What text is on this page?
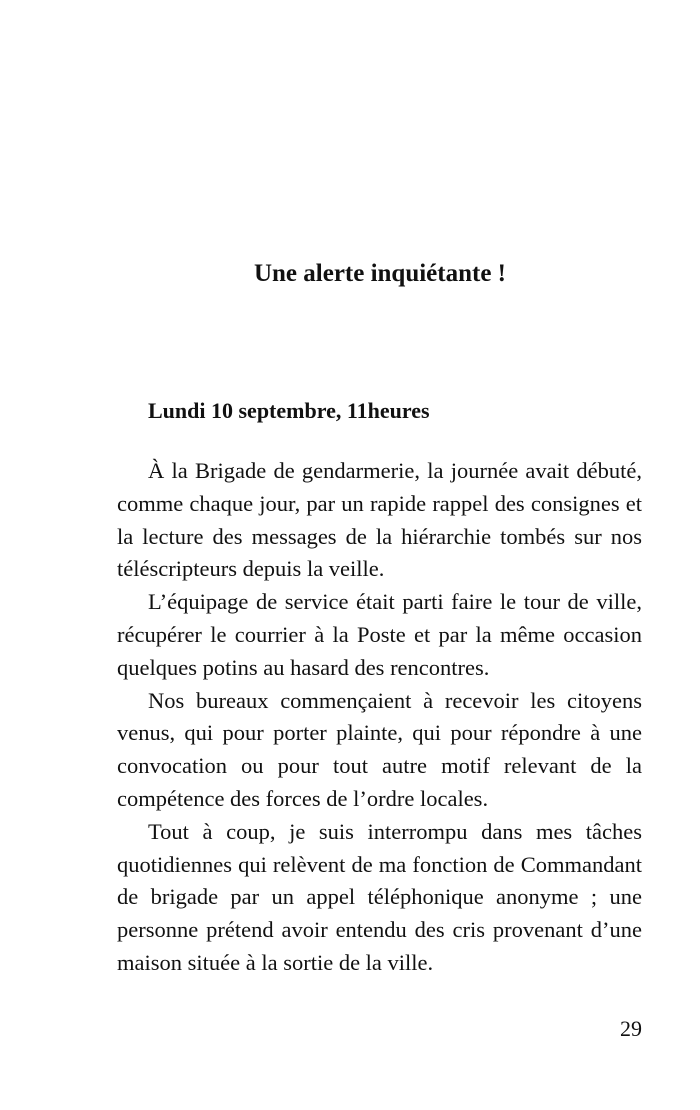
Une alerte inquiétante !
Lundi 10 septembre, 11heures

À la Brigade de gendarmerie, la journée avait débuté, comme chaque jour, par un rapide rappel des consignes et la lecture des messages de la hiérarchie tombés sur nos téléscripteurs depuis la veille.

L’équipage de service était parti faire le tour de ville, récupérer le courrier à la Poste et par la même occasion quelques potins au hasard des rencontres.

Nos bureaux commençaient à recevoir les citoyens venus, qui pour porter plainte, qui pour répondre à une convocation ou pour tout autre motif relevant de la compétence des forces de l’ordre locales.

Tout à coup, je suis interrompu dans mes tâches quotidiennes qui relèvent de ma fonction de Commandant de brigade par un appel téléphonique anonyme ; une personne prétend avoir entendu des cris provenant d’une maison située à la sortie de la ville.

29
